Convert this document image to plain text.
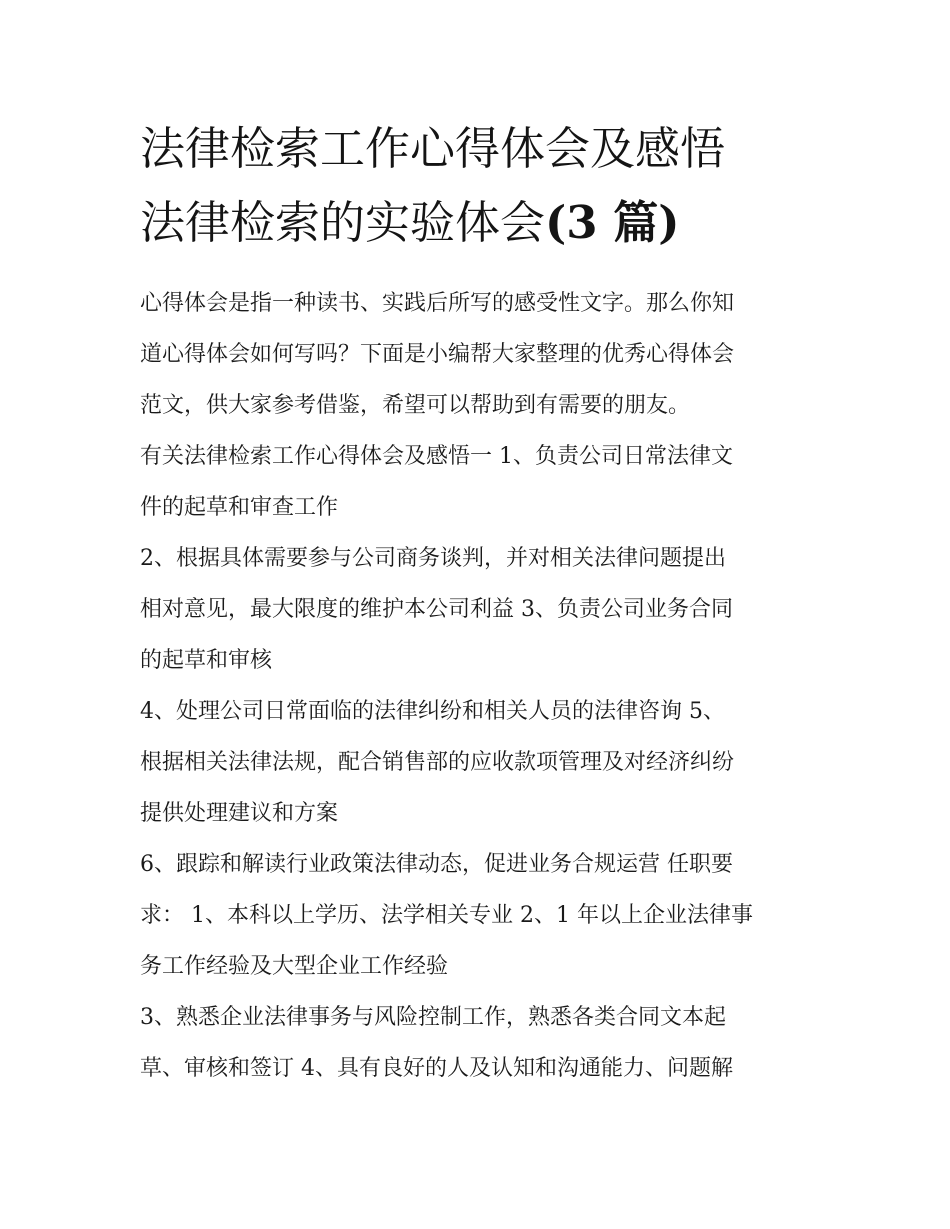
法律检索工作心得体会及感悟
法律检索的实验体会(3 篇)

心得体会是指一种读书、实践后所写的感受性文字。那么你知

道心得体会如何写吗？下面是小编帮大家整理的优秀心得体会

范文，供大家参考借鉴，希望可以帮助到有需要的朋友。

有关法律检索工作心得体会及感悟一 1、负责公司日常法律文

件的起草和审查工作

2、根据具体需要参与公司商务谈判，并对相关法律问题提出

相对意见，最大限度的维护本公司利益 3、负责公司业务合同

的起草和审核

4、处理公司日常面临的法律纠纷和相关人员的法律咨询 5、

根据相关法律法规，配合销售部的应收款项管理及对经济纠纷

提供处理建议和方案

6、跟踪和解读行业政策法律动态，促进业务合规运营 任职要

求： 1、本科以上学历、法学相关专业 2、1 年以上企业法律事

务工作经验及大型企业工作经验

3、熟悉企业法律事务与风险控制工作，熟悉各类合同文本起

草、审核和签订 4、具有良好的人及认知和沟通能力、问题解
